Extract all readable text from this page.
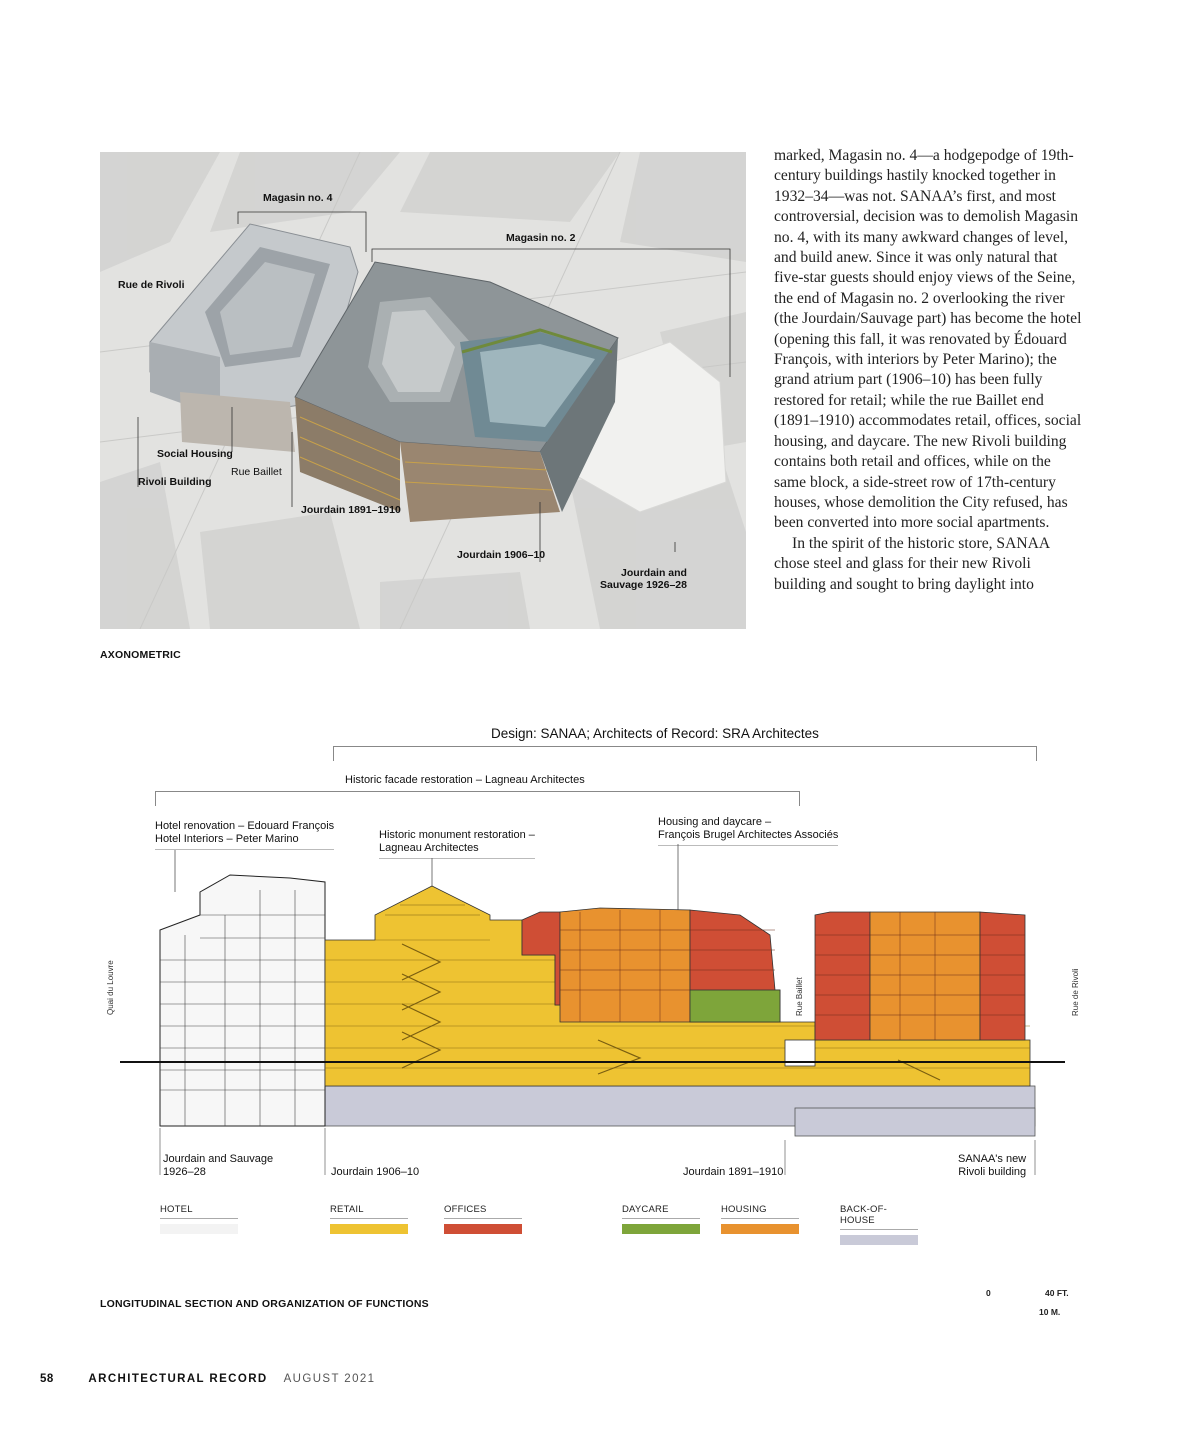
Magasin no. 4
Magasin no. 2
Rue de Rivoli
Social Housing
Rue Baillet
Rivoli Building
Jourdain 1891–1910
Jourdain 1906–10
Jourdain and
Sauvage 1926–28
AXONOMETRIC

marked, Magasin no. 4—a hodgepodge of 19th-century buildings hastily knocked together in 1932–34—was not. SANAA’s first, and most controversial, decision was to demolish Magasin no. 4, with its many awkward changes of level, and build anew. Since it was only natural that five-star guests should enjoy views of the Seine, the end of Magasin no. 2 overlooking the river (the Jourdain/Sauvage part) has become the hotel (opening this fall, it was renovated by Édouard François, with interiors by Peter Marino); the grand atrium part (1906–10) has been fully restored for retail; while the rue Baillet end (1891–1910) accommodates retail, offices, social housing, and daycare. The new Rivoli building contains both retail and offices, while on the same block, a side-street row of 17th-century houses, whose demolition the City refused, has been converted into more social apartments.

In the spirit of the historic store, SANAA chose steel and glass for their new Rivoli building and sought to bring daylight into

Design: SANAA; Architects of Record: SRA Architectes
Historic facade restoration – Lagneau Architectes
Hotel renovation – Edouard François
Hotel Interiors – Peter Marino	Historic monument restoration –
Lagneau Architectes
Housing and daycare –
François Brugel Architectes Associés
Quai du Louvre	Rue Baillet	Rue de Rivoli
Jourdain and Sauvage
1926–28	Jourdain 1906–10	Jourdain 1891–1910
SANAA's new
Rivoli building
HOTEL	RETAIL	OFFICES	DAYCARE	HOUSING	BACK-OF-HOUSE
0	40 FT.
10 M.
LONGITUDINAL SECTION AND ORGANIZATION OF FUNCTIONS
58	ARCHITECTURAL RECORD AUGUST 2021
